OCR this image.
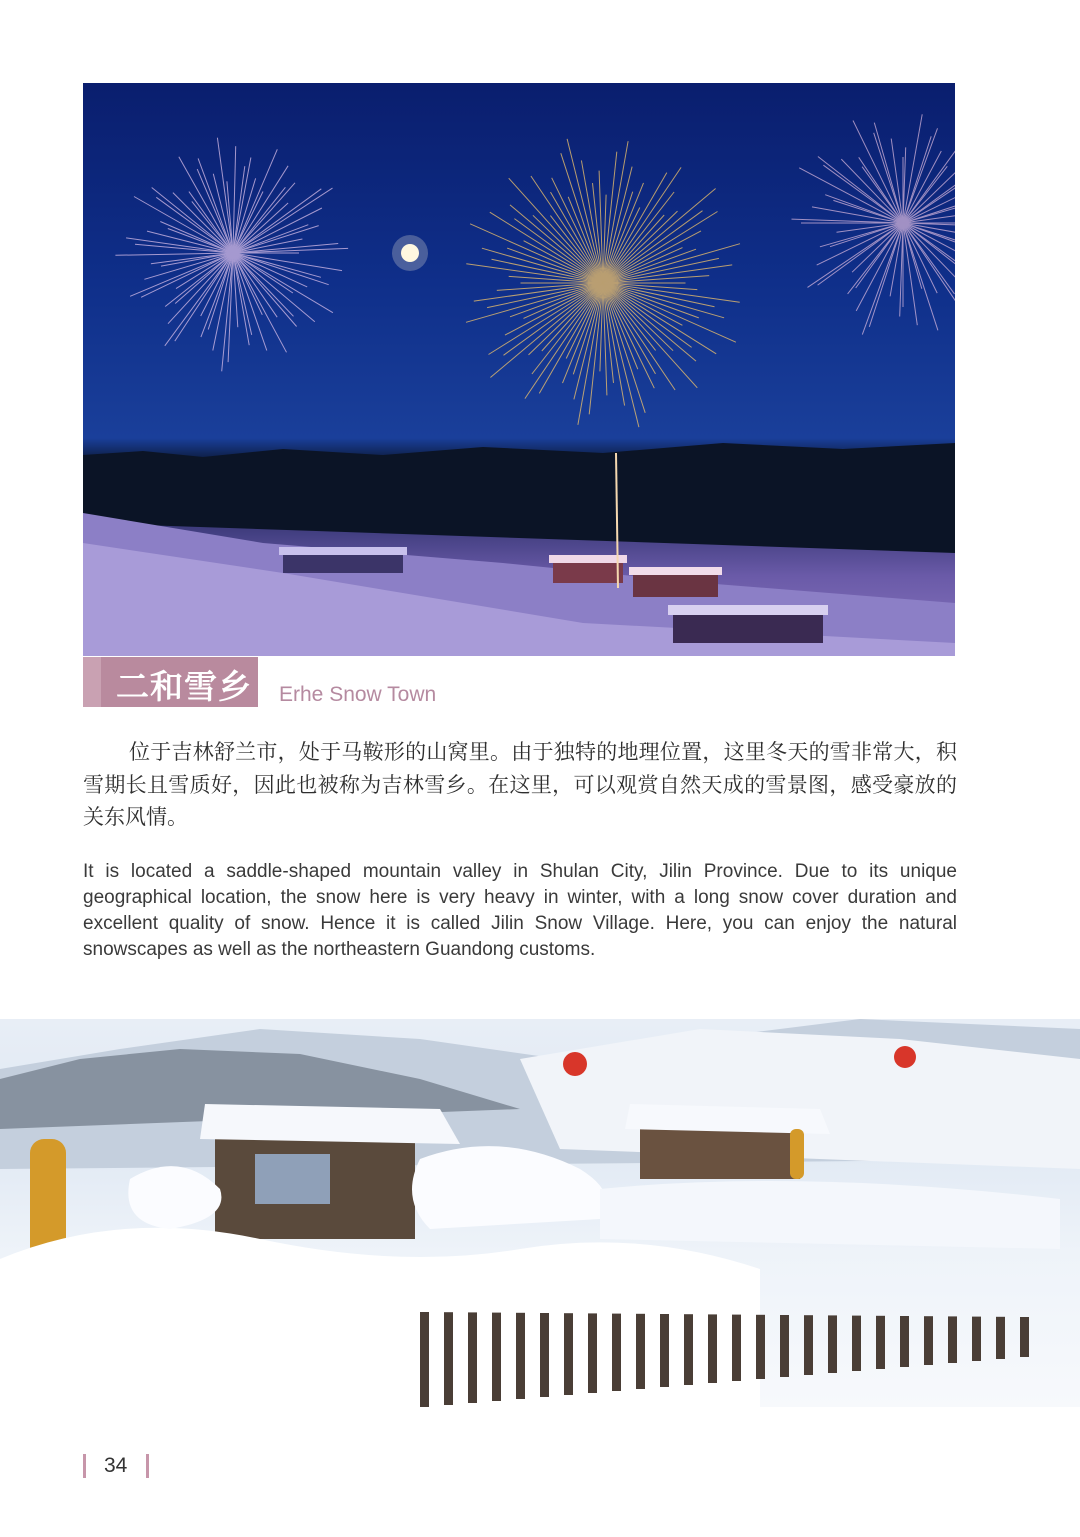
二和雪乡 Erhe Snow Town

位于吉林舒兰市，处于马鞍形的山窝里。由于独特的地理位置，这里冬天的雪非常大，积雪期长且雪质好，因此也被称为吉林雪乡。在这里，可以观赏自然天成的雪景图，感受豪放的关东风情。

It is located a saddle-shaped mountain valley in Shulan City, Jilin Province. Due to its unique geographical location, the snow here is very heavy in winter, with a long snow cover duration and excellent quality of snow. Hence it is called Jilin Snow Village. Here, you can enjoy the natural snowscapes as well as the northeastern Guandong customs.

34
